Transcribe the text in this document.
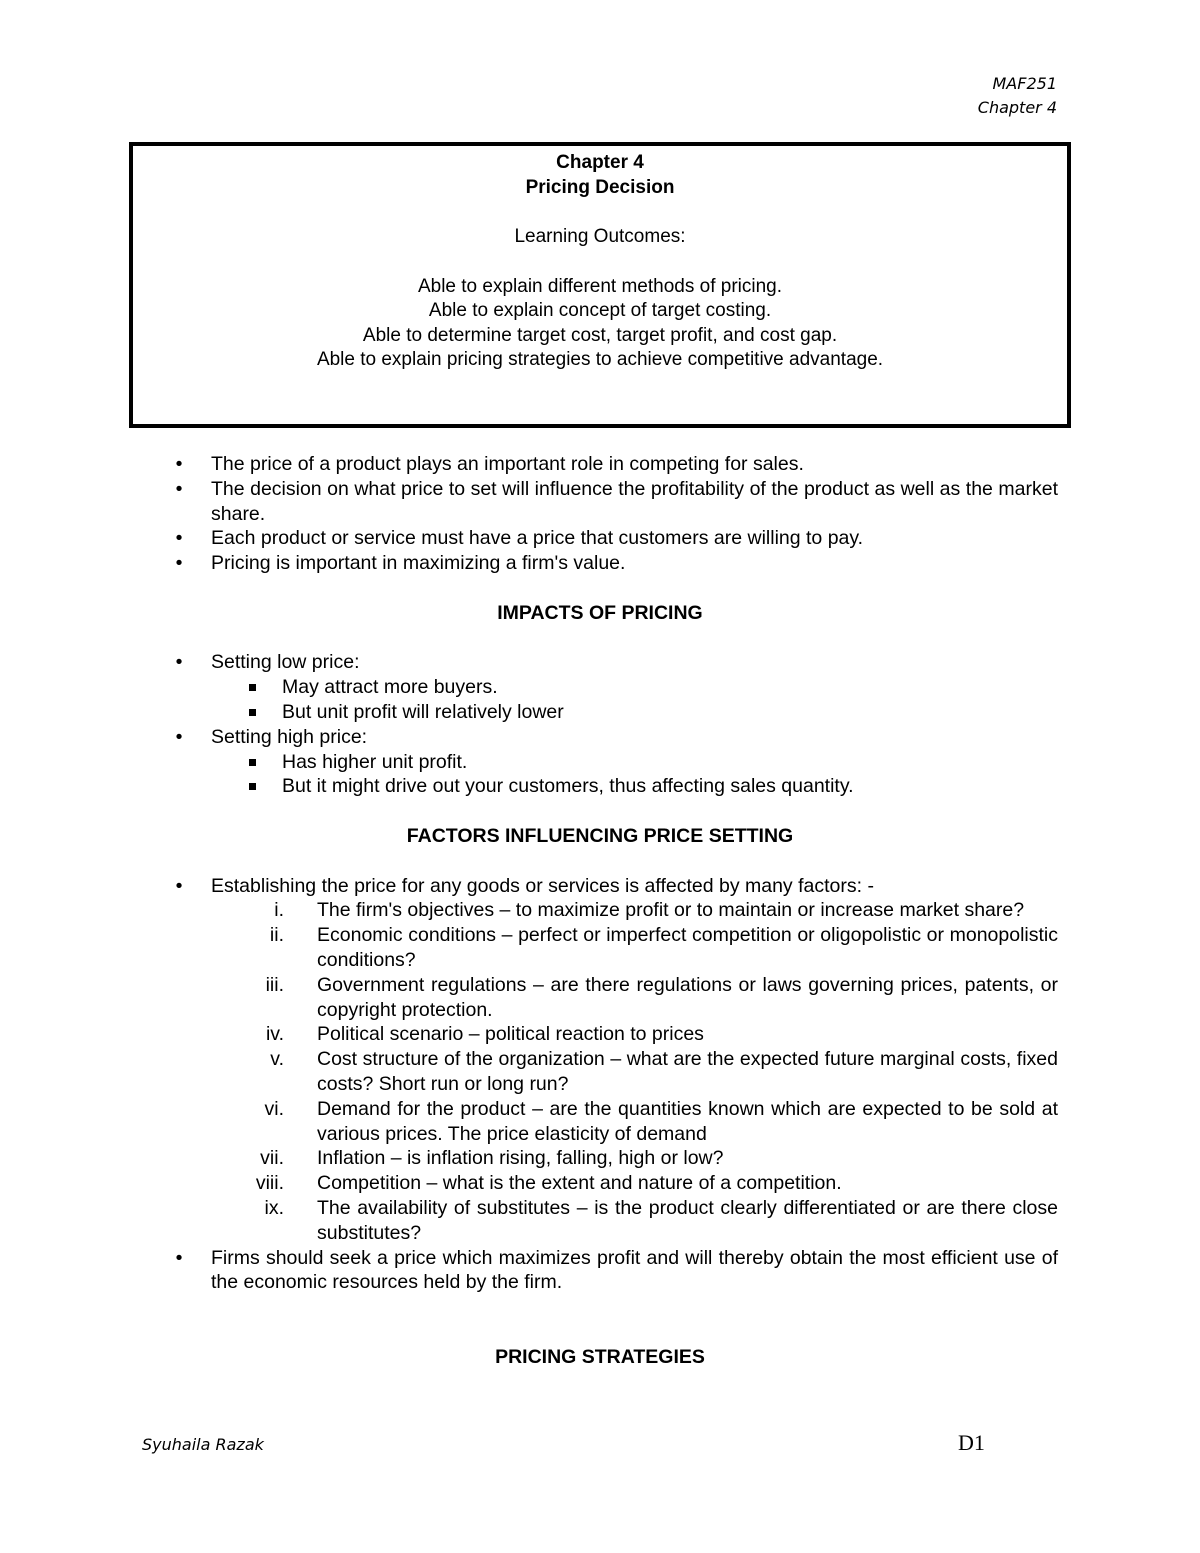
MAF251
Chapter 4
Chapter 4
Pricing Decision
Learning Outcomes:
Able to explain different methods of pricing.
Able to explain concept of target costing.
Able to determine target cost, target profit, and cost gap.
Able to explain pricing strategies to achieve competitive advantage.
• The price of a product plays an important role in competing for sales.
• The decision on what price to set will influence the profitability of the product as well as the market share.
• Each product or service must have a price that customers are willing to pay.
• Pricing is important in maximizing a firm's value.
IMPACTS OF PRICING
• Setting low price:
May attract more buyers.
But unit profit will relatively lower
• Setting high price:
Has higher unit profit.
But it might drive out your customers, thus affecting sales quantity.
FACTORS INFLUENCING PRICE SETTING
• Establishing the price for any goods or services is affected by many factors: -
i. The firm's objectives – to maximize profit or to maintain or increase market share?
ii. Economic conditions – perfect or imperfect competition or oligopolistic or monopolistic conditions?
iii. Government regulations – are there regulations or laws governing prices, patents, or copyright protection.
iv. Political scenario – political reaction to prices
v. Cost structure of the organization – what are the expected future marginal costs, fixed costs? Short run or long run?
vi. Demand for the product – are the quantities known which are expected to be sold at various prices. The price elasticity of demand
vii. Inflation – is inflation rising, falling, high or low?
viii. Competition – what is the extent and nature of a competition.
ix. The availability of substitutes – is the product clearly differentiated or are there close substitutes?
• Firms should seek a price which maximizes profit and will thereby obtain the most efficient use of the economic resources held by the firm.
PRICING STRATEGIES
Syuhaila Razak	D1
